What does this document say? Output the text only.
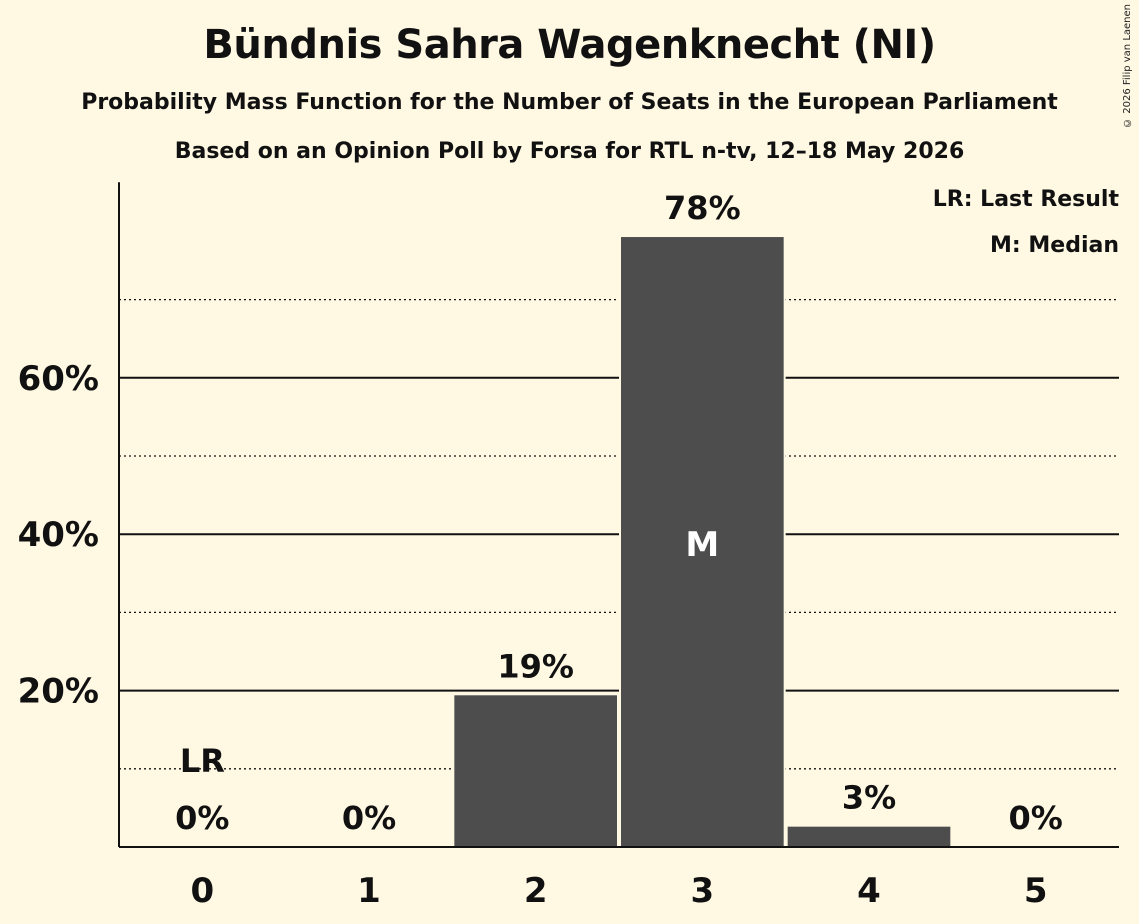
Bündnis Sahra Wagenknecht (NI)
Probability Mass Function for the Number of Seats in the European Parliament
Based on an Opinion Poll by Forsa for RTL n-tv, 12–18 May 2026
© 2026 Filip van Laenen
20%
40%
60%
0%
0
LR
0%
1
19%
2
78%
3
M
3%
4
0%
5
LR: Last Result
M: Median
